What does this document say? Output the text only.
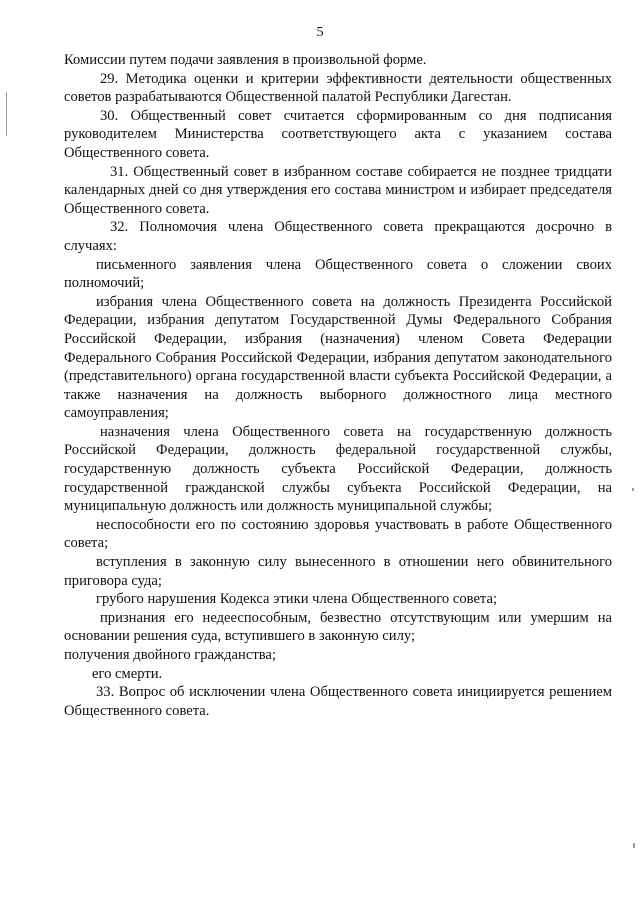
5

Комиссии путем подачи заявления в произвольной форме.

29. Методика оценки и критерии эффективности деятельности общественных советов разрабатываются Общественной палатой Республики Дагестан.

30. Общественный совет считается сформированным со дня подписания руководителем Министерства соответствующего акта с указанием состава Общественного совета.

31. Общественный совет в избранном составе собирается не позднее тридцати календарных дней со дня утверждения его состава министром и избирает председателя Общественного совета.

32. Полномочия члена Общественного совета прекращаются досрочно в случаях:

письменного заявления члена Общественного совета о сложении своих полномочий;

избрания члена Общественного совета на должность Президента Российской Федерации, избрания депутатом Государственной Думы Федерального Собрания Российской Федерации, избрания (назначения) членом Совета Федерации Федерального Собрания Российской Федерации, избрания депутатом законодательного (представительного) органа государственной власти субъекта Российской Федерации, а также назначения на должность выборного должностного лица местного самоуправления;

назначения члена Общественного совета на государственную должность Российской Федерации, должность федеральной государственной службы, государственную должность субъекта Российской Федерации, должность государственной гражданской службы субъекта Российской Федерации, на муниципальную должность или должность муниципальной службы;

неспособности его по состоянию здоровья участвовать в работе Общественного совета;

вступления в законную силу вынесенного в отношении него обвинительного приговора суда;

грубого нарушения Кодекса этики члена Общественного совета;

признания его недееспособным, безвестно отсутствующим или умершим на основании решения суда, вступившего в законную силу;

получения двойного гражданства;

его смерти.

33. Вопрос об исключении члена Общественного совета инициируется решением Общественного совета.
